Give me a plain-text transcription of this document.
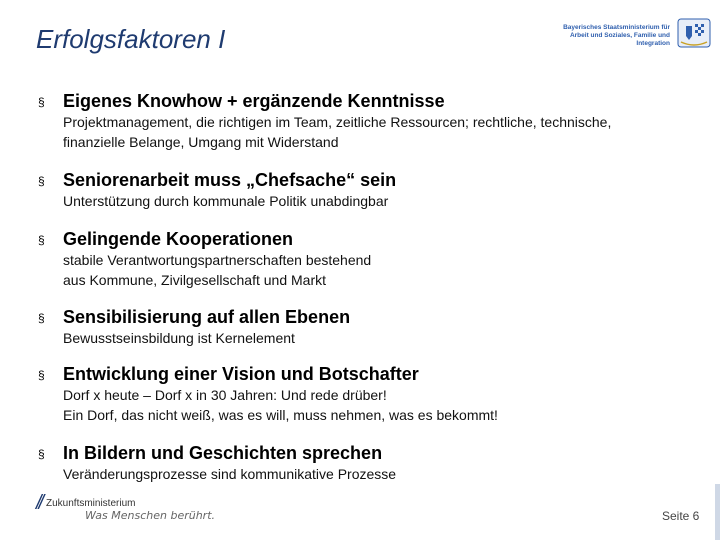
Erfolgsfaktoren I	Bayerisches Staatsministerium für
Arbeit und Soziales, Familie und Integration
§ Eigenes Knowhow + ergänzende Kenntnisse
Projektmanagement, die richtigen im Team, zeitliche Ressourcen; rechtliche, technische,
finanzielle Belange, Umgang mit Widerstand
§ Seniorenarbeit muss „Chefsache“ sein
Unterstützung durch kommunale Politik unabdingbar
§ Gelingende Kooperationen
stabile Verantwortungspartnerschaften bestehend
aus Kommune, Zivilgesellschaft und Markt
§ Sensibilisierung auf allen Ebenen
Bewusstseinsbildung ist Kernelement
§ Entwicklung einer Vision und Botschafter
Dorf x heute – Dorf x in 30 Jahren: Und rede drüber!
Ein Dorf, das nicht weiß, was es will, muss nehmen, was es bekommt!
§ In Bildern und Geschichten sprechen
Veränderungsprozesse sind kommunikative Prozesse
// Zukunftsministerium
Was Menschen berührt.	Seite 6
